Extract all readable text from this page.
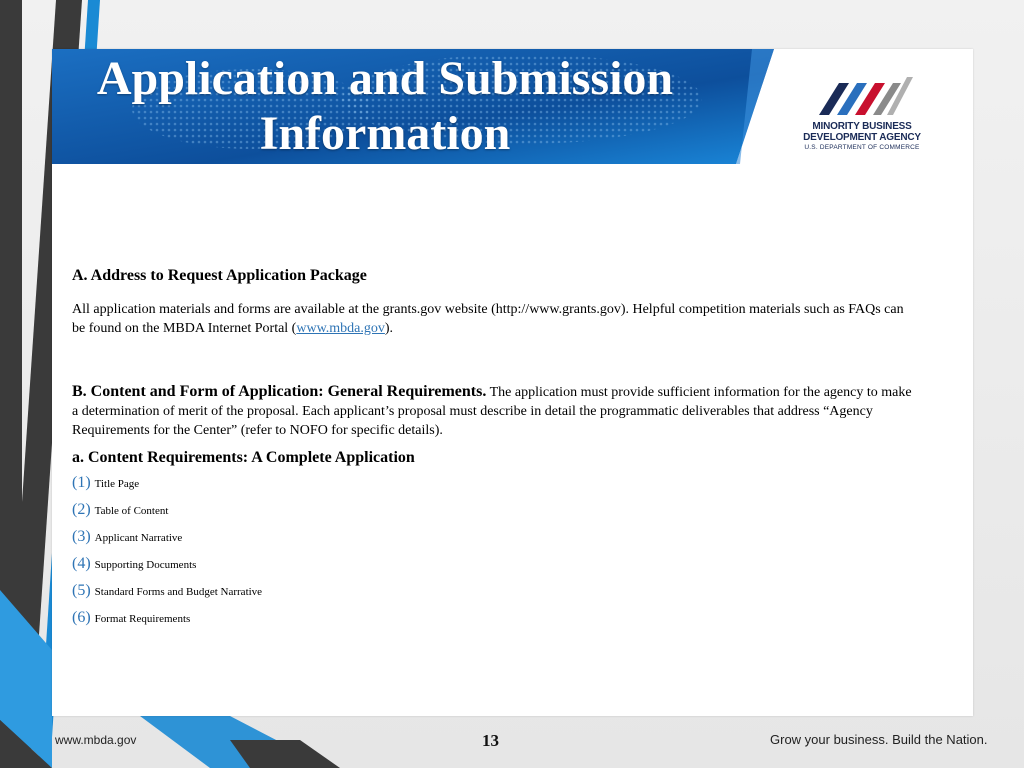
Application and Submission
Information	MINORITY BUSINESS
DEVELOPMENT AGENCY
U.S. DEPARTMENT OF COMMERCE
A. Address to Request Application Package

All application materials and forms are available at the grants.gov website (http://www.grants.gov). Helpful competition materials such as FAQs can be found on the MBDA Internet Portal (www.mbda.gov).

B. Content and Form of Application: General Requirements. The application must provide sufficient information for the agency to make a determination of merit of the proposal. Each applicant’s proposal must describe in detail the programmatic deliverables that address “Agency Requirements for the Center” (refer to NOFO for specific details).

a. Content Requirements: A Complete Application
(1) Title Page
(2) Table of Content
(3) Applicant Narrative
(4) Supporting Documents
(5) Standard Forms and Budget Narrative
(6) Format Requirements
www.mbda.gov	13	Grow your business. Build the Nation.
